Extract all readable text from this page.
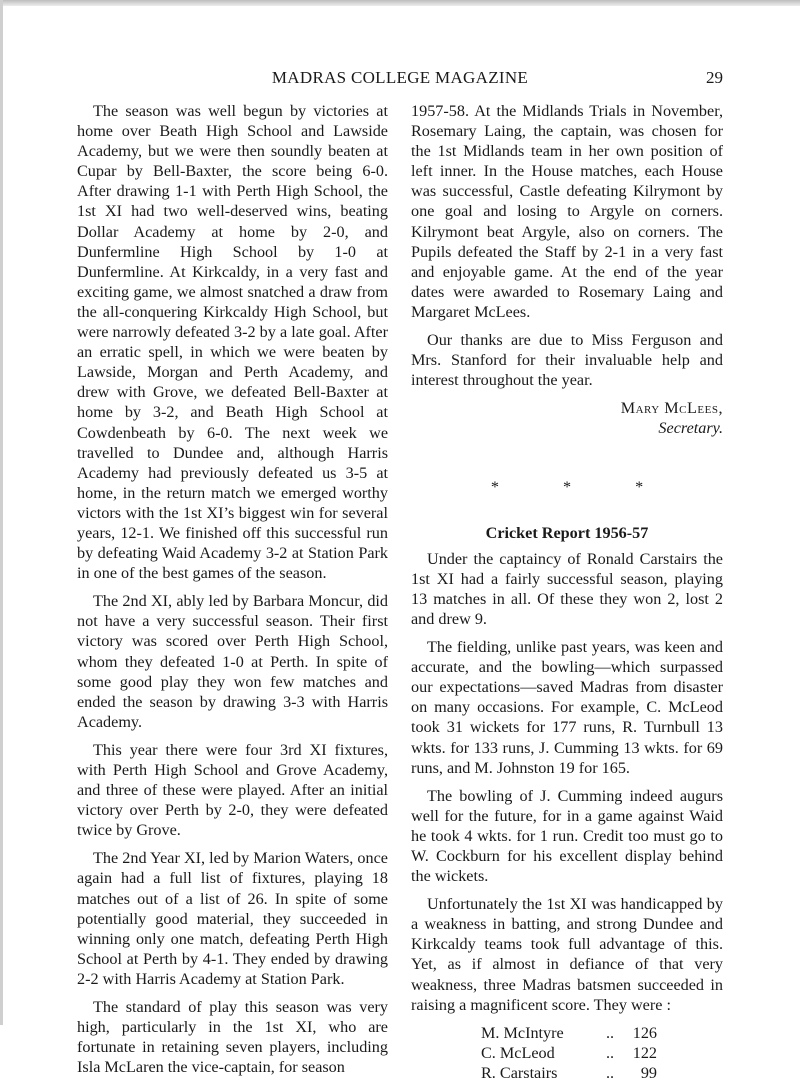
MADRAS COLLEGE MAGAZINE	29

The season was well begun by victories at home over Beath High School and Lawside Academy, but we were then soundly beaten at Cupar by Bell-Baxter, the score being 6-0. After drawing 1-1 with Perth High School, the 1st XI had two well-deserved wins, beating Dollar Academy at home by 2-0, and Dunfermline High School by 1-0 at Dunfermline. At Kirkcaldy, in a very fast and exciting game, we almost snatched a draw from the all-conquering Kirkcaldy High School, but were narrowly defeated 3-2 by a late goal. After an erratic spell, in which we were beaten by Lawside, Morgan and Perth Academy, and drew with Grove, we defeated Bell-Baxter at home by 3-2, and Beath High School at Cowdenbeath by 6-0. The next week we travelled to Dundee and, although Harris Academy had previously defeated us 3-5 at home, in the return match we emerged worthy victors with the 1st XI’s biggest win for several years, 12-1. We finished off this successful run by defeating Waid Academy 3-2 at Station Park in one of the best games of the season.

The 2nd XI, ably led by Barbara Moncur, did not have a very successful season. Their first victory was scored over Perth High School, whom they defeated 1-0 at Perth. In spite of some good play they won few matches and ended the season by drawing 3-3 with Harris Academy.

This year there were four 3rd XI fixtures, with Perth High School and Grove Academy, and three of these were played. After an initial victory over Perth by 2-0, they were defeated twice by Grove.

The 2nd Year XI, led by Marion Waters, once again had a full list of fixtures, playing 18 matches out of a list of 26. In spite of some potentially good material, they succeeded in winning only one match, defeating Perth High School at Perth by 4-1. They ended by drawing 2-2 with Harris Academy at Station Park.

The standard of play this season was very high, particularly in the 1st XI, who are fortunate in retaining seven players, including Isla McLaren the vice-captain, for season

1957-58. At the Midlands Trials in November, Rosemary Laing, the captain, was chosen for the 1st Midlands team in her own position of left inner. In the House matches, each House was successful, Castle defeating Kilrymont by one goal and losing to Argyle on corners. Kilrymont beat Argyle, also on corners. The Pupils defeated the Staff by 2-1 in a very fast and enjoyable game. At the end of the year dates were awarded to Rosemary Laing and Margaret McLees.

Our thanks are due to Miss Ferguson and Mrs. Stanford for their invaluable help and interest throughout the year.

Mary McLees,
Secretary.
* * *
Cricket Report 1956-57

Under the captaincy of Ronald Carstairs the 1st XI had a fairly successful season, playing 13 matches in all. Of these they won 2, lost 2 and drew 9.

The fielding, unlike past years, was keen and accurate, and the bowling—which surpassed our expectations—saved Madras from disaster on many occasions. For example, C. McLeod took 31 wickets for 177 runs, R. Turnbull 13 wkts. for 133 runs, J. Cumming 13 wkts. for 69 runs, and M. Johnston 19 for 165.

The bowling of J. Cumming indeed augurs well for the future, for in a game against Waid he took 4 wkts. for 1 run. Credit too must go to W. Cockburn for his excellent display behind the wickets.

Unfortunately the 1st XI was handicapped by a weakness in batting, and strong Dundee and Kirkcaldy teams took full advantage of this. Yet, as if almost in defiance of that very weakness, three Madras batsmen succeeded in raising a magnificent score. They were :

M. McIntyre	..	126
C. McLeod	..	122
R. Carstairs	..	99
